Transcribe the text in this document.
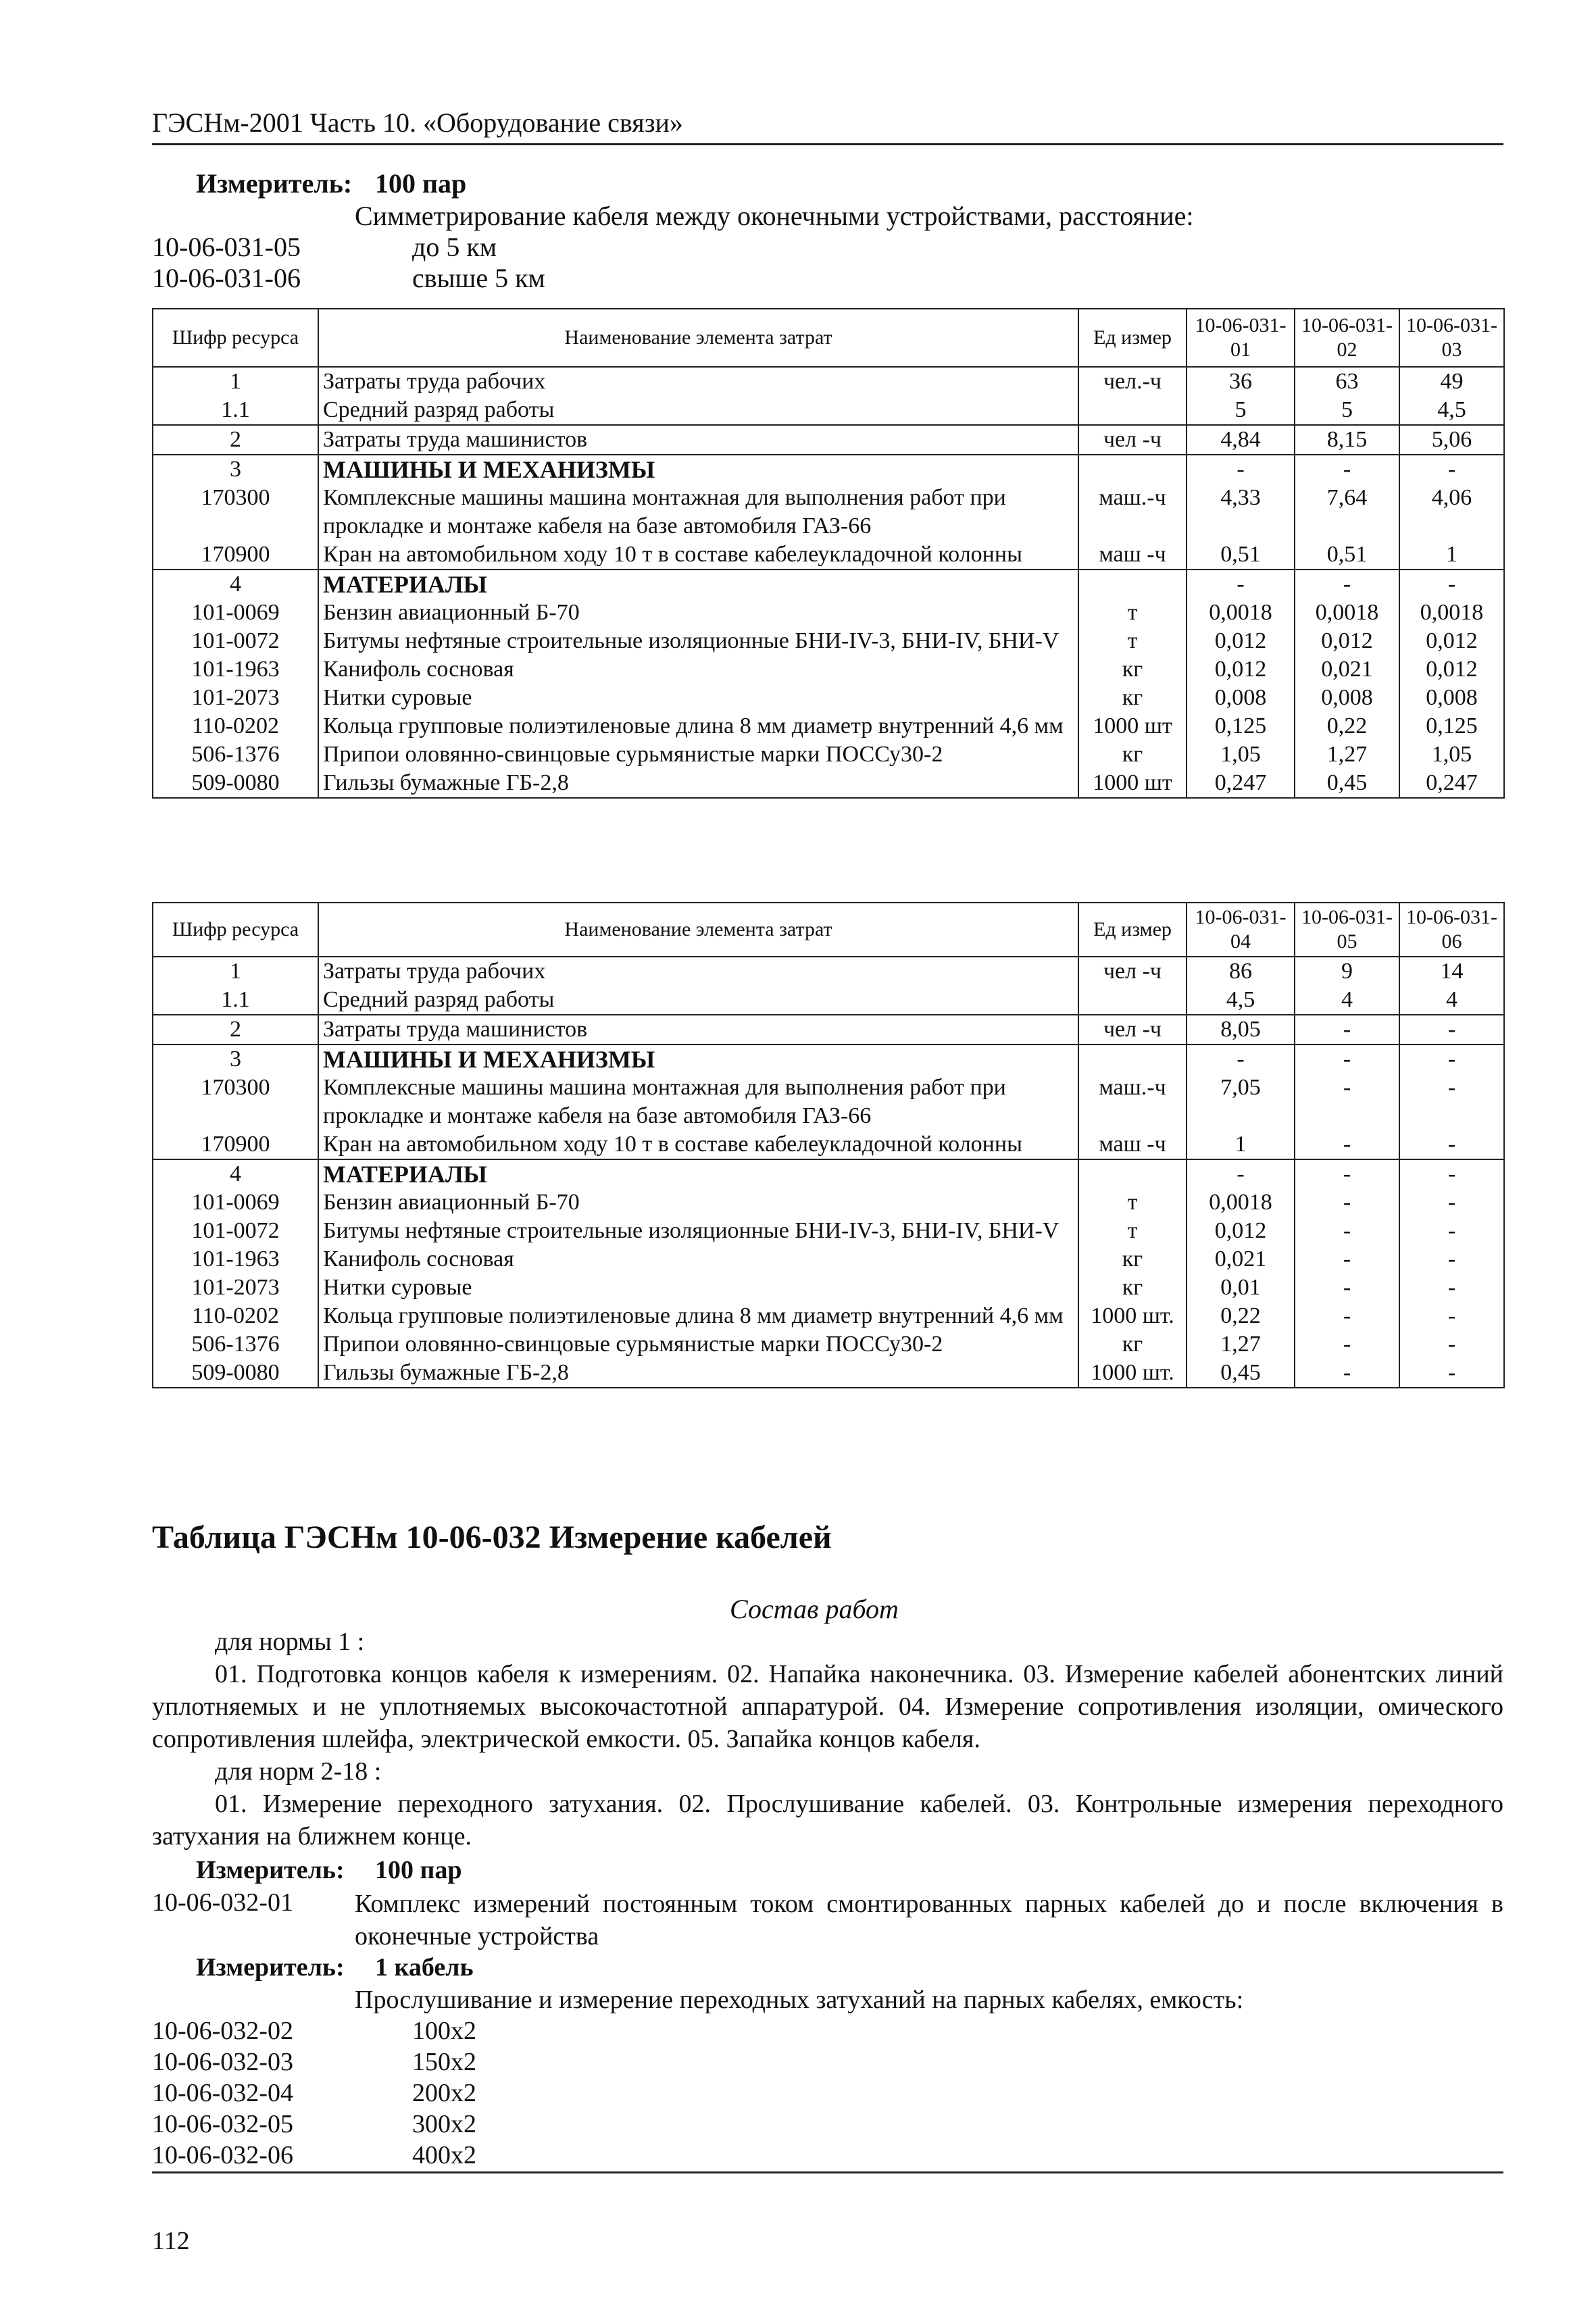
ГЭСНм-2001 Часть 10. «Оборудование связи»
Измеритель: 100 пар
Симметрирование кабеля между оконечными устройствами, расстояние:
10-06-031-05	до 5 км
10-06-031-06	свыше 5 км
Шифр ресурса	Наименование элемента затрат	Ед измер	10-06-031-01	10-06-031-02	10-06-031-03
1	Затраты труда рабочих	чел.-ч	36	63	49
1.1	Средний разряд работы		5	5	4,5
2	Затраты труда машинистов	чел -ч	4,84	8,15	5,06
3	МАШИНЫ И МЕХАНИЗМЫ		-	-	-
170300	Комплексные машины машина монтажная для выполнения работ при прокладке и монтаже кабеля на базе автомобиля ГАЗ-66	маш.-ч	4,33	7,64	4,06
170900	Кран на автомобильном ходу 10 т в составе кабелеукладочной колонны	маш -ч	0,51	0,51	1
4	МАТЕРИАЛЫ		-	-	-
101-0069	Бензин авиационный Б-70	т	0,0018	0,0018	0,0018
101-0072	Битумы нефтяные строительные изоляционные БНИ-IV-3, БНИ-IV, БНИ-V	т	0,012	0,012	0,012
101-1963	Канифоль сосновая	кг	0,012	0,021	0,012
101-2073	Нитки суровые	кг	0,008	0,008	0,008
110-0202	Кольца групповые полиэтиленовые длина 8 мм диаметр внутренний 4,6 мм	1000 шт	0,125	0,22	0,125
506-1376	Припои оловянно-свинцовые сурьмянистые марки ПОССу30-2	кг	1,05	1,27	1,05
509-0080	Гильзы бумажные ГБ-2,8	1000 шт	0,247	0,45	0,247
Шифр ресурса	Наименование элемента затрат	Ед измер	10-06-031-04	10-06-031-05	10-06-031-06
1	Затраты труда рабочих	чел -ч	86	9	14
1.1	Средний разряд работы		4,5	4	4
2	Затраты труда машинистов	чел -ч	8,05	-	-
3	МАШИНЫ И МЕХАНИЗМЫ		-	-	-
170300	Комплексные машины машина монтажная для выполнения работ при прокладке и монтаже кабеля на базе автомобиля ГАЗ-66	маш.-ч	7,05	-	-
170900	Кран на автомобильном ходу 10 т в составе кабелеукладочной колонны	маш -ч	1	-	-
4	МАТЕРИАЛЫ		-	-	-
101-0069	Бензин авиационный Б-70	т	0,0018	-	-
101-0072	Битумы нефтяные строительные изоляционные БНИ-IV-3, БНИ-IV, БНИ-V	т	0,012	-	-
101-1963	Канифоль сосновая	кг	0,021	-	-
101-2073	Нитки суровые	кг	0,01	-	-
110-0202	Кольца групповые полиэтиленовые длина 8 мм диаметр внутренний 4,6 мм	1000 шт.	0,22	-	-
506-1376	Припои оловянно-свинцовые сурьмянистые марки ПОССу30-2	кг	1,27	-	-
509-0080	Гильзы бумажные ГБ-2,8	1000 шт.	0,45	-	-
Таблица ГЭСНм 10-06-032 Измерение кабелей
Состав работ
для нормы 1 :
01. Подготовка концов кабеля к измерениям. 02. Напайка наконечника. 03. Измерение кабелей абонентских линий уплотняемых и не уплотняемых высокочастотной аппаратурой. 04. Измерение сопротивления изоляции, омического сопротивления шлейфа, электрической емкости. 05. Запайка концов кабеля.
для норм 2-18 :
01. Измерение переходного затухания. 02. Прослушивание кабелей. 03. Контрольные измерения переходного затухания на ближнем конце.
Измеритель: 100 пар
10-06-032-01 Комплекс измерений постоянным током смонтированных парных кабелей до и после включения в оконечные устройства
Измеритель: 1 кабель
Прослушивание и измерение переходных затуханий на парных кабелях, емкость:
10-06-032-02	100x2
10-06-032-03	150x2
10-06-032-04	200x2
10-06-032-05	300x2
10-06-032-06	400x2
112
